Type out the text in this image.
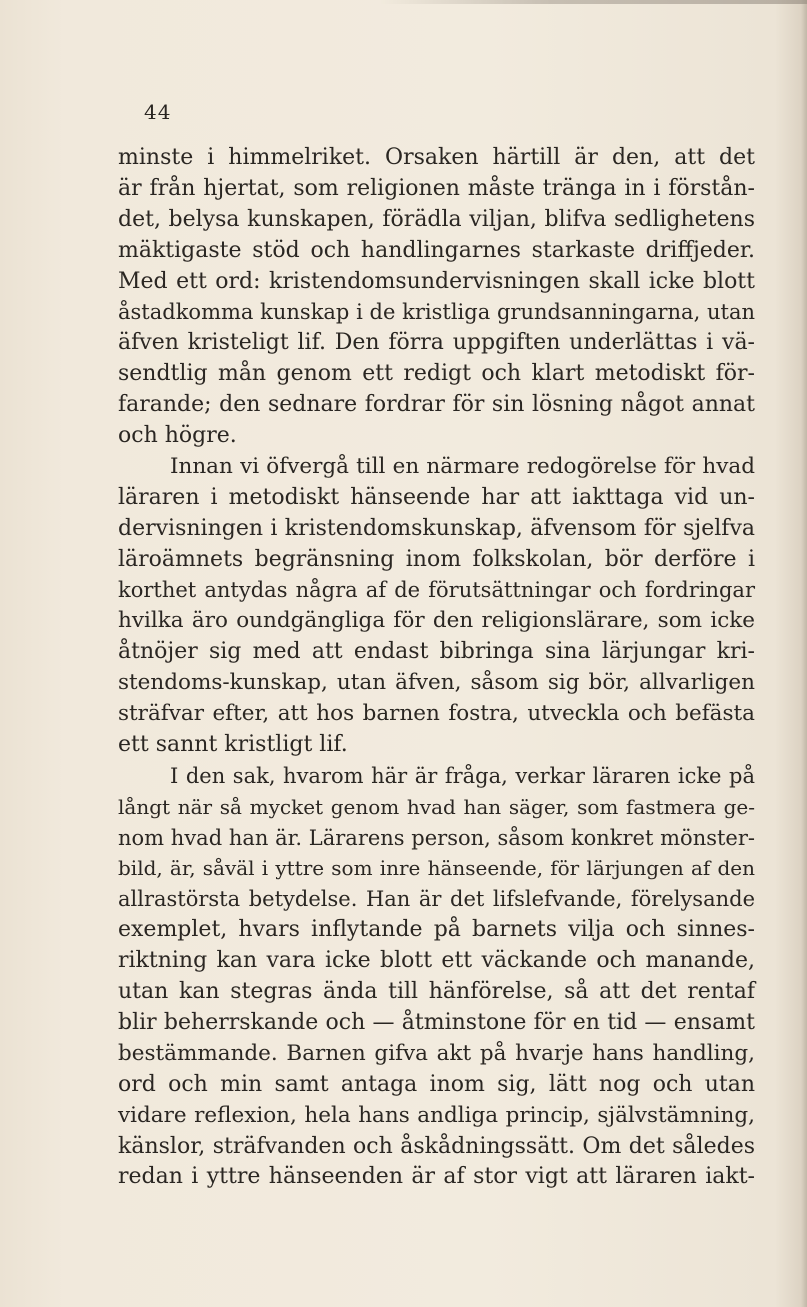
44
minste i himmelriket. Orsaken härtill är den, att det
är från hjertat, som religionen måste tränga in i förstån-
det, belysa kunskapen, förädla viljan, blifva sedlighetens
mäktigaste stöd och handlingarnes starkaste driffjeder.
Med ett ord: kristendomsundervisningen skall icke blott
åstadkomma kunskap i de kristliga grundsanningarna, utan
äfven kristeligt lif. Den förra uppgiften underlättas i vä-
sendtlig mån genom ett redigt och klart metodiskt för-
farande; den sednare fordrar för sin lösning något annat
och högre.
Innan vi öfvergå till en närmare redogörelse för hvad
läraren i metodiskt hänseende har att iakttaga vid un-
dervisningen i kristendomskunskap, äfvensom för sjelfva
läroämnets begränsning inom folkskolan, bör derföre i
korthet antydas några af de förutsättningar och fordringar
hvilka äro oundgängliga för den religionslärare, som icke
åtnöjer sig med att endast bibringa sina lärjungar kri-
stendoms-kunskap, utan äfven, såsom sig bör, allvarligen
sträfvar efter, att hos barnen fostra, utveckla och befästa
ett sannt kristligt lif.
I den sak, hvarom här är fråga, verkar läraren icke på
långt när så mycket genom hvad han säger, som fastmera ge-
nom hvad han är. Lärarens person, såsom konkret mönster-
bild, är, såväl i yttre som inre hänseende, för lärjungen af den
allrastörsta betydelse. Han är det lifslefvande, förelysande
exemplet, hvars inflytande på barnets vilja och sinnes-
riktning kan vara icke blott ett väckande och manande,
utan kan stegras ända till hänförelse, så att det rentaf
blir beherrskande och — åtminstone för en tid — ensamt
bestämmande. Barnen gifva akt på hvarje hans handling,
ord och min samt antaga inom sig, lätt nog och utan
vidare reflexion, hela hans andliga princip, självstämning,
känslor, sträfvanden och åskådningssätt. Om det således
redan i yttre hänseenden är af stor vigt att läraren iakt-
